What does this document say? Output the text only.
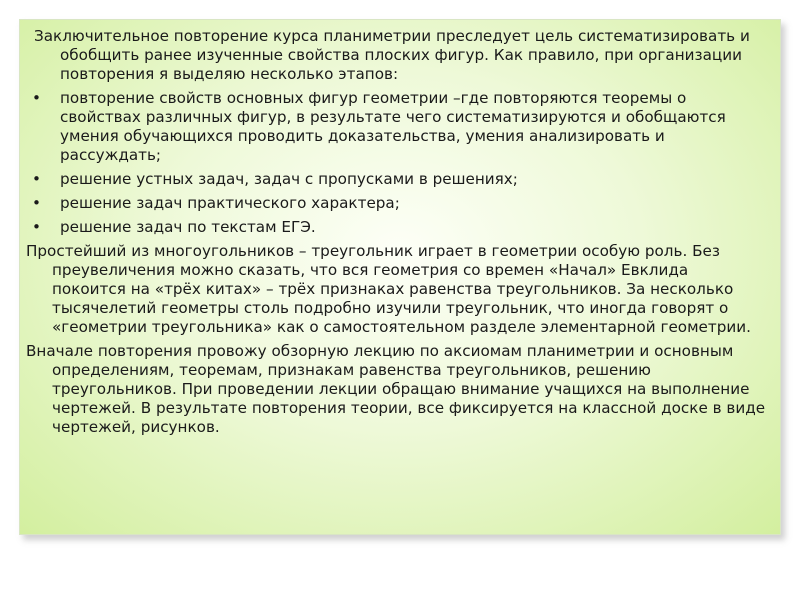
Заключительное повторение курса планиметрии преследует цель систематизировать и обобщить ранее изученные свойства плоских фигур. Как правило, при организации повторения я выделяю несколько этапов:

• повторение свойств основных фигур геометрии –где повторяются теоремы о свойствах различных фигур, в результате чего систематизируются и обобщаются умения обучающихся проводить доказательства, умения анализировать и рассуждать;
• решение устных задач, задач с пропусками в решениях;
• решение задач практического характера;
• решение задач по текстам ЕГЭ.

Простейший из многоугольников – треугольник играет в геометрии особую роль. Без преувеличения можно сказать, что вся геометрия со времен «Начал» Евклида покоится на «трёх китах» – трёх признаках равенства треугольников. За несколько тысячелетий геометры столь подробно изучили треугольник, что иногда говорят о «геометрии треугольника» как о самостоятельном разделе элементарной геометрии.

Вначале повторения провожу обзорную лекцию по аксиомам планиметрии и основным определениям, теоремам, признакам равенства треугольников, решению треугольников. При проведении лекции обращаю внимание учащихся на выполнение чертежей. В результате повторения теории, все фиксируется на классной доске в виде чертежей, рисунков.
